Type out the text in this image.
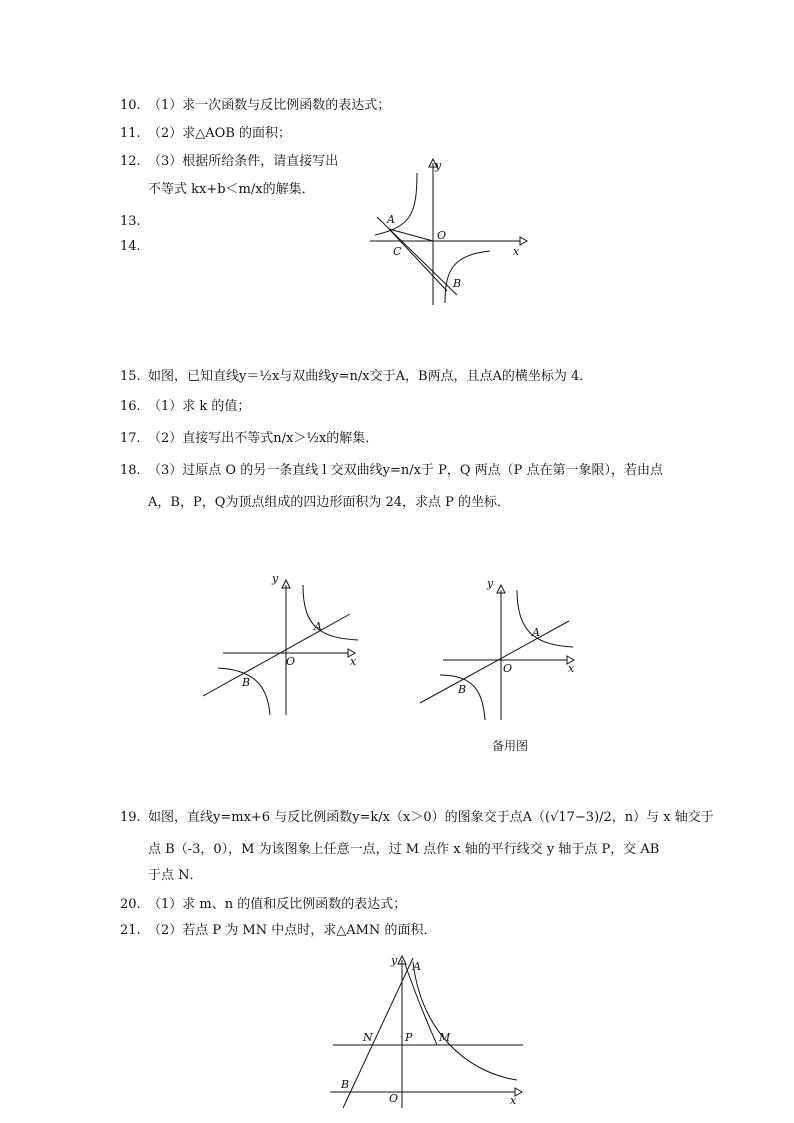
10. （1）求一次函数与反比例函数的表达式；
11. （2）求△AOB 的面积；
12. （3）根据所给条件，请直接写出
不等式 kx+b＜m/x的解集．
13.
14.
y
x
O
A
C
B
15. 如图，已知直线y＝½x与双曲线y=n/x交于A，B两点，且点A的横坐标为 4．
16. （1）求 k 的值；
17. （2）直接写出不等式n/x＞½x的解集．
18. （3）过原点 O 的另一条直线 l 交双曲线y=n/x于 P，Q 两点（P 点在第一象限），若由点
A，B，P，Q为顶点组成的四边形面积为 24，求点 P 的坐标．
y
x
O
A
B
y
x
O
A
B
备用图
19. 如图，直线y=mx+6 与反比例函数y=k/x（x＞0）的图象交于点A（(√17−3)/2，n）与 x 轴交于
点 B（-3，0），M 为该图象上任意一点，过 M 点作 x 轴的平行线交 y 轴于点 P，交 AB
于点 N．
20. （1）求 m、n 的值和反比例函数的表达式；
21. （2）若点 P 为 MN 中点时，求△AMN 的面积．
y
x
O
A
B
N	P M
